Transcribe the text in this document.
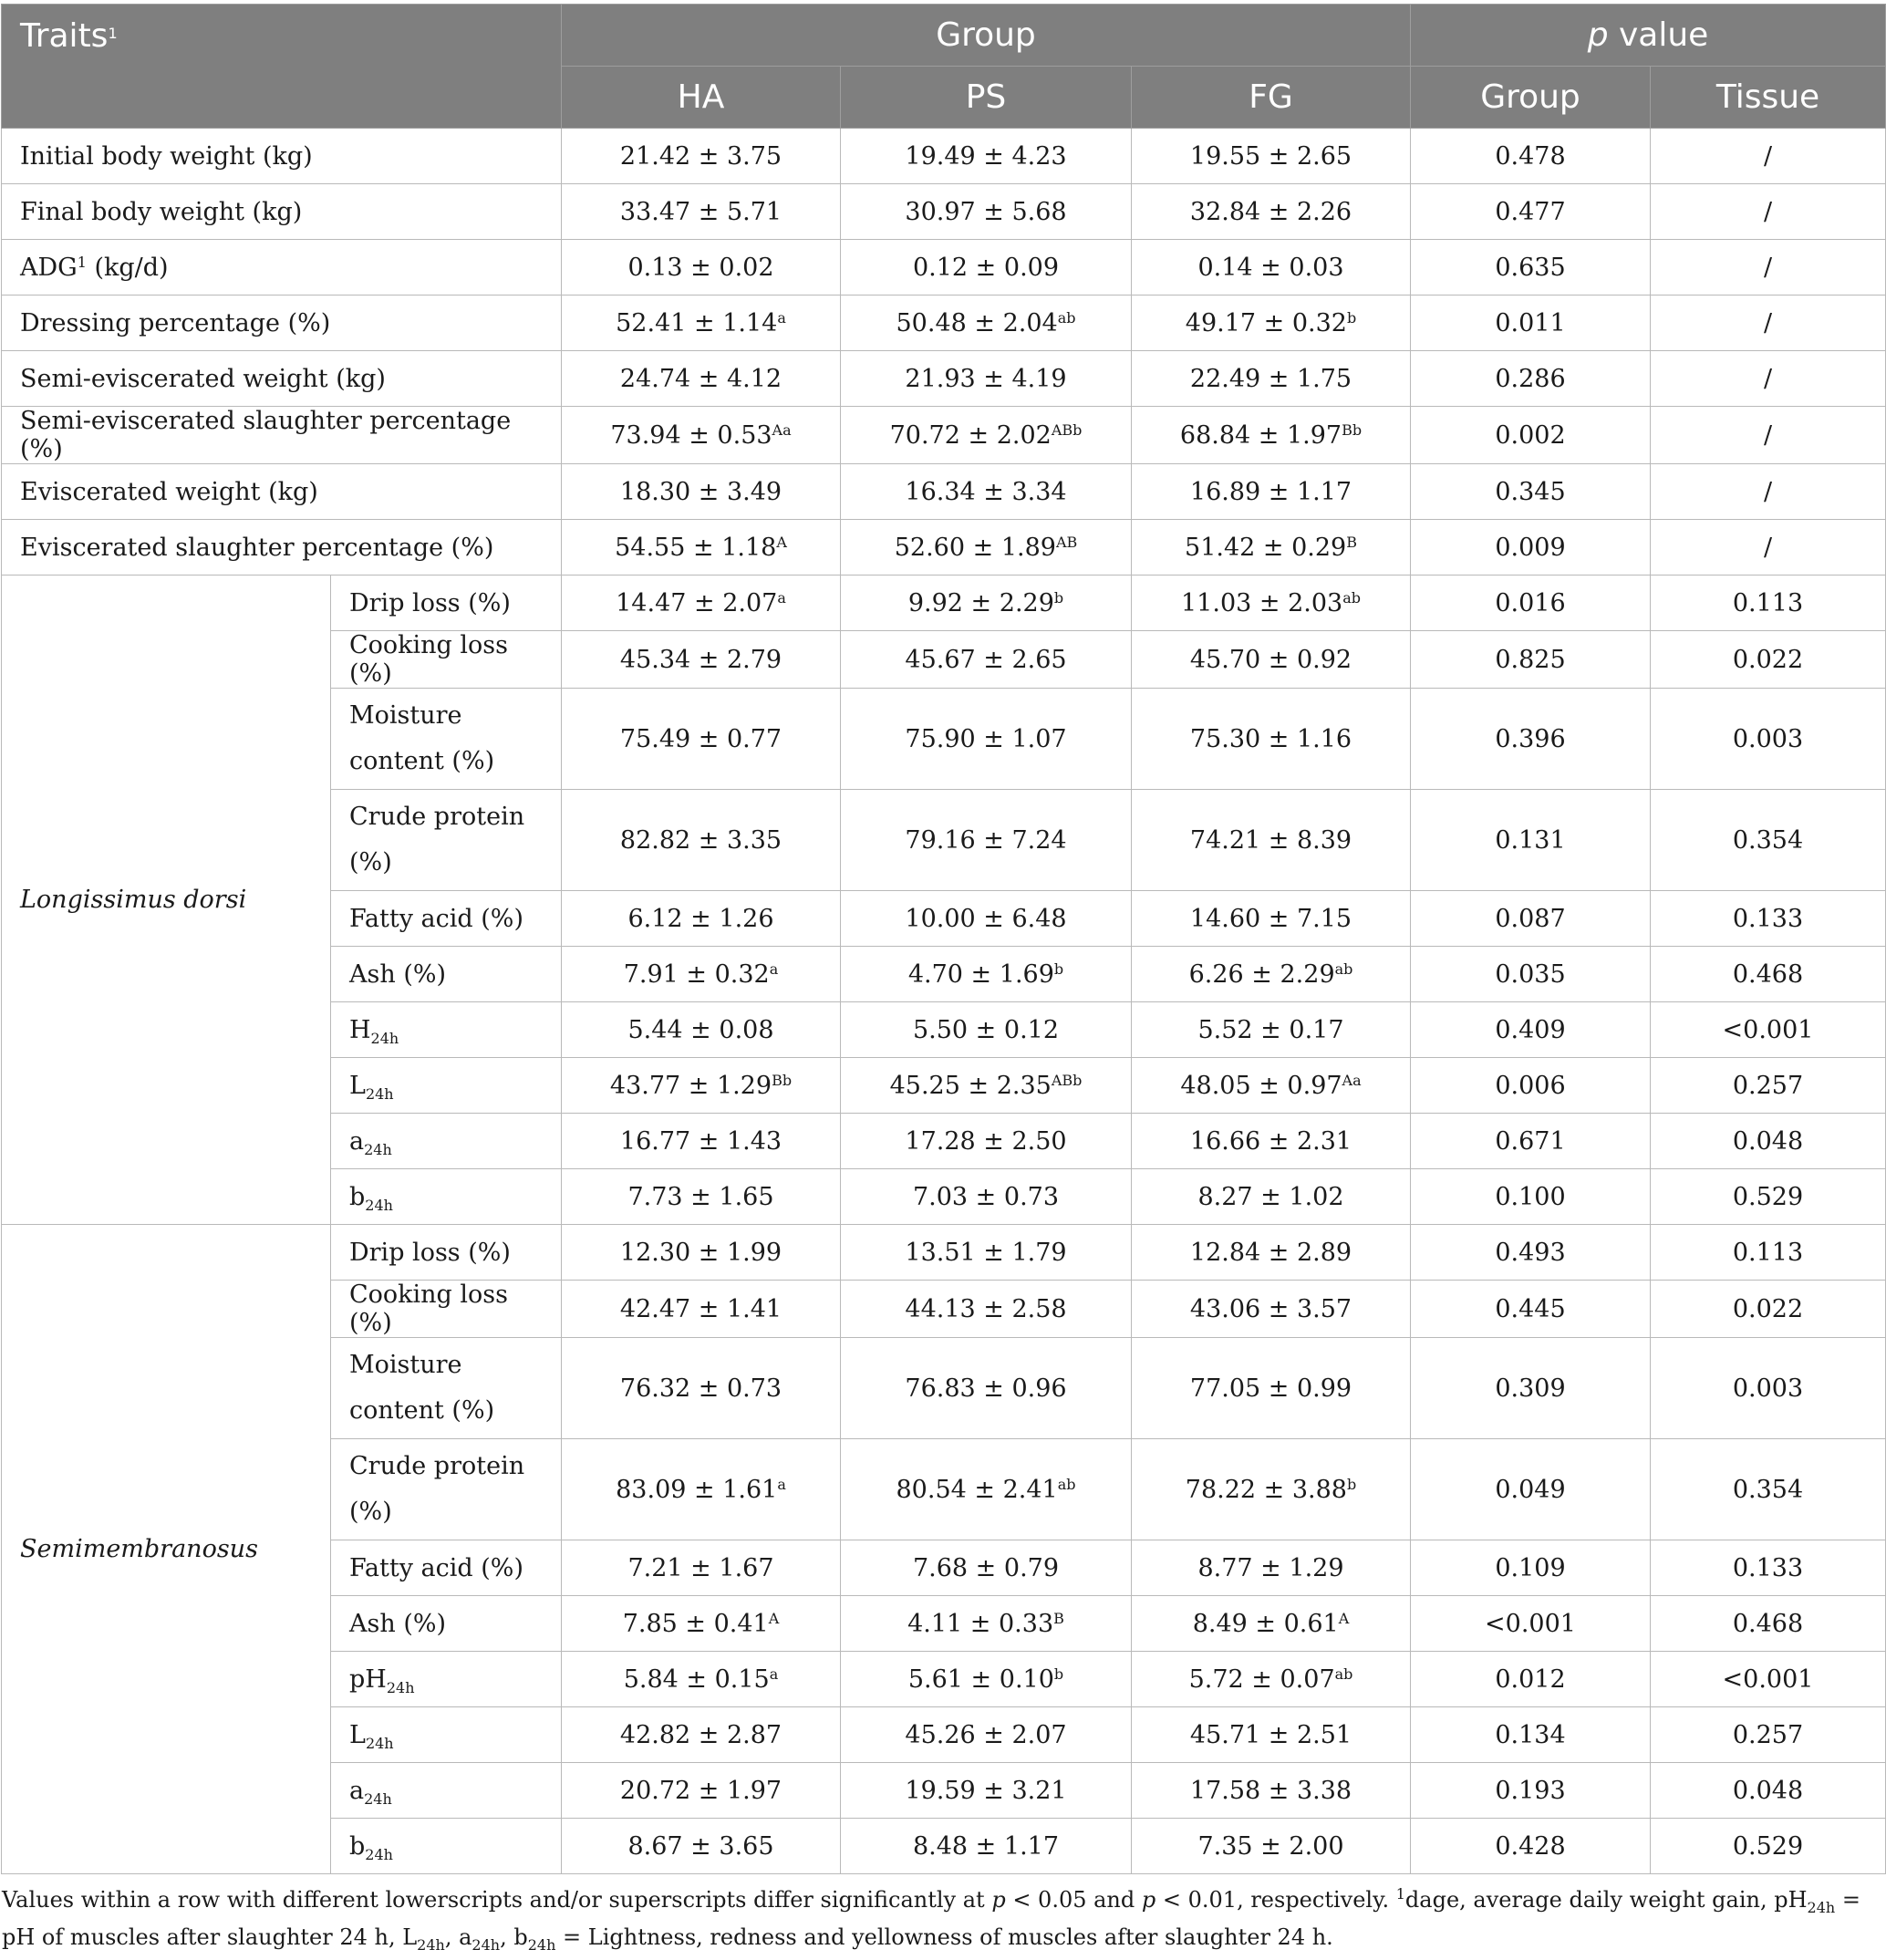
Traits$^1$		Group			p value	
		HA	PS	FG	Group	Tissue
Initial body weight (kg)		21.42 ± 3.75	19.49 ± 4.23	19.55 ± 2.65	0.478	/
Final body weight (kg)		33.47 ± 5.71	30.97 ± 5.68	32.84 ± 2.26	0.477	/
ADG$^1$ (kg/d)		0.13 ± 0.02	0.12 ± 0.09	0.14 ± 0.03	0.635	/
Dressing percentage (%)		52.41 ± 1.14$^a$	50.48 ± 2.04$^{ab}$	49.17 ± 0.32$^b$	0.011	/
Semi-eviscerated weight (kg)		24.74 ± 4.12	21.93 ± 4.19	22.49 ± 1.75	0.286	/
Semi-eviscerated slaughter percentage (%)		$73.94 \pm 0.53^{Aa}$	$70.72 \pm 2.02^{ABb}$	$68.84 \pm 1.97^{Bb}$	0.002	/
Eviscerated weight (kg)		18.30 ± 3.49	16.34 ± 3.34	16.89 ± 1.17	0.345	/
Eviscerated slaughter percentage (%)		$54.55 \pm 1.18^A$	$52.60 \pm 1.89^{AB}$	$51.42 \pm 0.29^B$	0.009	/
Longissimus dorsi	Drip loss (%)	14.47 ± 2.07$^a$	9.92 ± 2.29$^b$	11.03 ± 2.03$^{ab}$	0.016	0.113
	Cooking loss (%)	45.34 ± 2.79	45.67 ± 2.65	45.70 ± 0.92	0.825	0.022
	Moisture content (%)	75.49 ± 0.77	75.90 ± 1.07	75.30 ± 1.16	0.396	0.003
	Crude protein (%)	82.82 ± 3.35	79.16 ± 7.24	74.21 ± 8.39	0.131	0.354
	Fatty acid (%)	6.12 ± 1.26	10.00 ± 6.48	14.60 ± 7.15	0.087	0.133
	Ash (%)	7.91 ± 0.32$^a$	4.70 ± 1.69$^b$	6.26 ± 2.29$^{ab}$	0.035	0.468
	$H_{24h}$	5.44 ± 0.08	5.50 ± 0.12	5.52 ± 0.17	0.409	<0.001
	$L_{24h}$	$43.77 \pm 1.29^{Bb}$	$45.25 \pm 2.35^{ABb}$	$48.05 \pm 0.97^{Aa}$	0.006	0.257
	$a_{24h}$	16.77 ± 1.43	17.28 ± 2.50	16.66 ± 2.31	0.671	0.048
	$b_{24h}$	7.73 ± 1.65	7.03 ± 0.73	8.27 ± 1.02	0.100	0.529
Semimembranosus	Drip loss (%)	12.30 ± 1.99	13.51 ± 1.79	12.84 ± 2.89	0.493	0.113
	Cooking loss (%)	42.47 ± 1.41	44.13 ± 2.58	43.06 ± 3.57	0.445	0.022
	Moisture content (%)	76.32 ± 0.73	76.83 ± 0.96	77.05 ± 0.99	0.309	0.003
	Crude protein (%)	83.09 ± 1.61$^a$	80.54 ± 2.41$^{ab}$	78.22 ± 3.88$^b$	0.049	0.354
	Fatty acid (%)	7.21 ± 1.67	7.68 ± 0.79	8.77 ± 1.29	0.109	0.133
	Ash (%)	$7.85 \pm 0.41^A$	$4.11 \pm 0.33^B$	$8.49 \pm 0.61^A$	<0.001	0.468
	$pH_{24h}$	5.84 ± 0.15$^a$	5.61 ± 0.10$^b$	5.72 ± 0.07$^{ab}$	0.012	<0.001
	$L_{24h}$	42.82 ± 2.87	45.26 ± 2.07	45.71 ± 2.51	0.134	0.257
	$a_{24h}$	20.72 ± 1.97	19.59 ± 3.21	17.58 ± 3.38	0.193	0.048
	$b_{24h}$	8.67 ± 3.65	8.48 ± 1.17	7.35 ± 2.00	0.428	0.529

Values within a row with different lowerscripts and/or superscripts differ significantly at p < 0.05 and p < 0.01, respectively. $^1$dage, average daily weight gain, $pH_{24h}$ = pH of muscles after slaughter 24 h, $L_{24h}$, $a_{24h}$, $b_{24h}$ = Lightness, redness and yellowness of muscles after slaughter 24 h.
